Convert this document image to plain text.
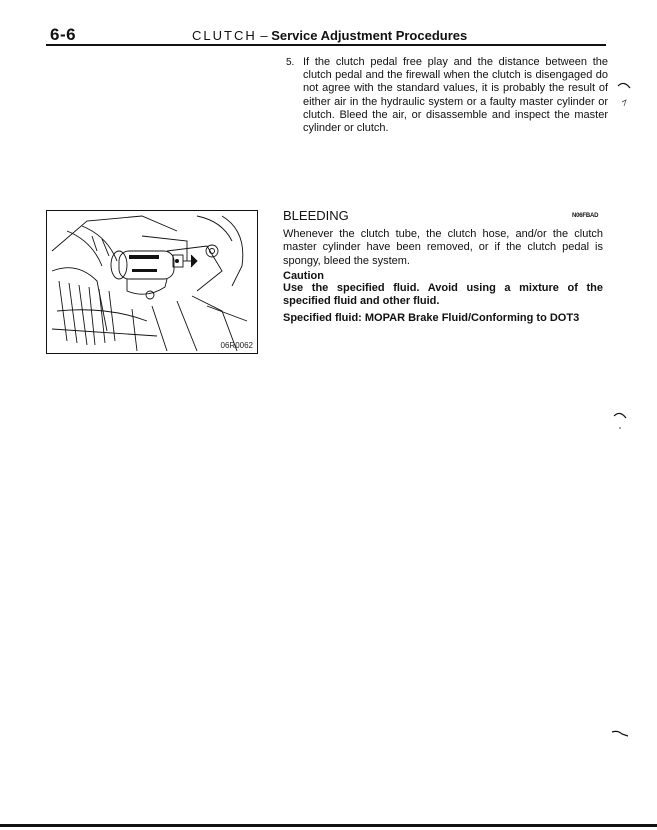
6-6	CLUTCH – Service Adjustment Procedures
5. If the clutch pedal free play and the distance between the clutch pedal and the firewall when the clutch is disengaged do not agree with the standard values, it is probably the result of either air in the hydraulic system or a faulty master cylinder or clutch. Bleed the air, or disassemble and inspect the master cylinder or clutch.
06R0062
BLEEDING	N06FBAD
Whenever the clutch tube, the clutch hose, and/or the clutch master cylinder have been removed, or if the clutch pedal is spongy, bleed the system.
Caution
Use the specified fluid. Avoid using a mixture of the specified fluid and other fluid.
Specified fluid: MOPAR Brake Fluid/Conforming to DOT3
